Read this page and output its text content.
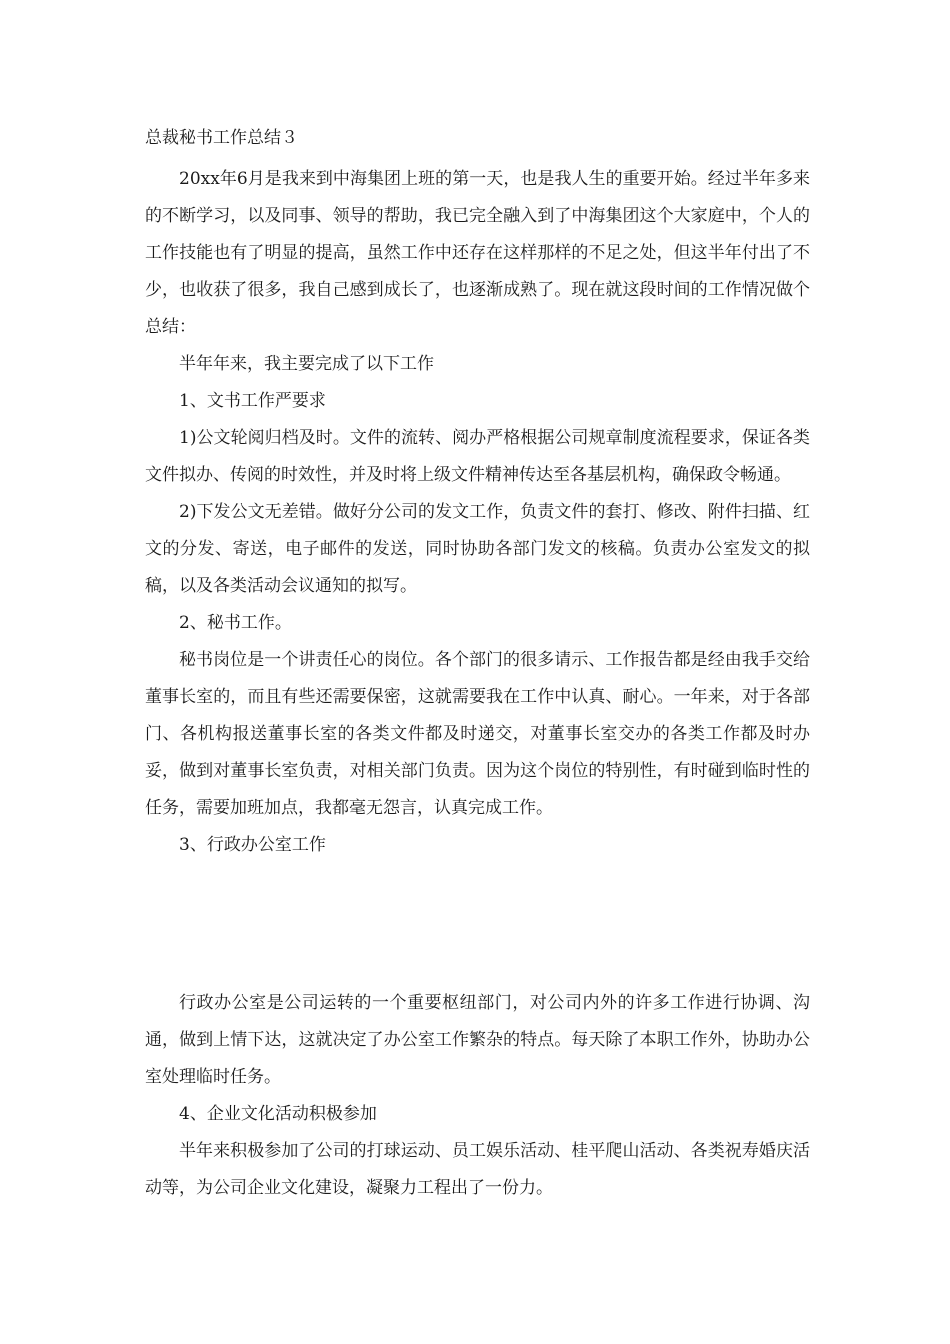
总裁秘书工作总结３

20xx年6月是我来到中海集团上班的第一天，也是我人生的重要开始。经过半年多来的不断学习，以及同事、领导的帮助，我已完全融入到了中海集团这个大家庭中，个人的工作技能也有了明显的提高，虽然工作中还存在这样那样的不足之处，但这半年付出了不少，也收获了很多，我自己感到成长了，也逐渐成熟了。现在就这段时间的工作情况做个总结：

半年年来，我主要完成了以下工作

1、文书工作严要求

1)公文轮阅归档及时。文件的流转、阅办严格根据公司规章制度流程要求，保证各类文件拟办、传阅的时效性，并及时将上级文件精神传达至各基层机构，确保政令畅通。

2)下发公文无差错。做好分公司的发文工作，负责文件的套打、修改、附件扫描、红文的分发、寄送，电子邮件的发送，同时协助各部门发文的核稿。负责办公室发文的拟稿，以及各类活动会议通知的拟写。

2、秘书工作。

秘书岗位是一个讲责任心的岗位。各个部门的很多请示、工作报告都是经由我手交给董事长室的，而且有些还需要保密，这就需要我在工作中认真、耐心。一年来，对于各部门、各机构报送董事长室的各类文件都及时递交，对董事长室交办的各类工作都及时办妥，做到对董事长室负责，对相关部门负责。因为这个岗位的特别性，有时碰到临时性的任务，需要加班加点，我都毫无怨言，认真完成工作。

3、行政办公室工作

行政办公室是公司运转的一个重要枢纽部门，对公司内外的许多工作进行协调、沟通，做到上情下达，这就决定了办公室工作繁杂的特点。每天除了本职工作外，协助办公室处理临时任务。

4、企业文化活动积极参加

半年来积极参加了公司的打球运动、员工娱乐活动、桂平爬山活动、各类祝寿婚庆活动等，为公司企业文化建设，凝聚力工程出了一份力。
